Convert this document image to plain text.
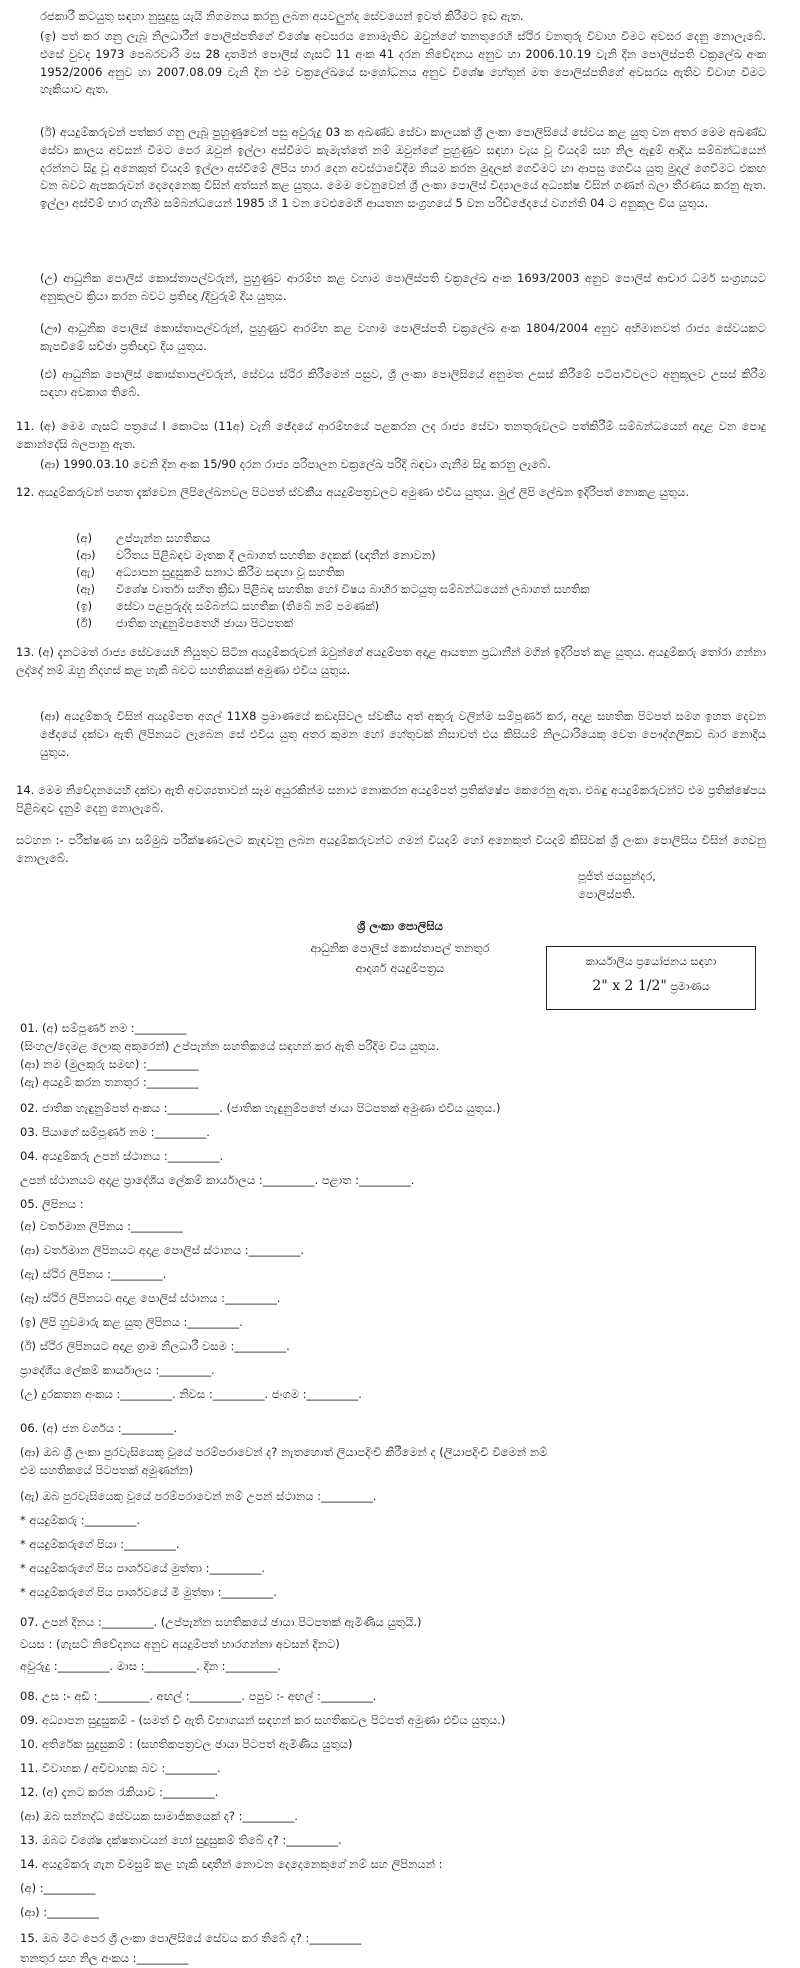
රජකාරී කටයුතු සඳහා නුසුදුසු යැයි නිගමනය කරනු ලබන අයවලුන්ද සේවයෙන් ඉවත් කිරීමට ඉඩ ඇත.
(ඉ) පත් කර ගනු ලැබූ නිලධාරීන් පොලිස්පතිගේ විශේෂ අවසරය නොමැතිව ඔවුන්ගේ තනතුරෙහි ස්ථිර වනතුරු විවාහ වීමට අවසර දෙනු නොලැබේ. එසේ වුවද 1973 පෙබරවාරි මස 28 දාතමින් පොලිස් ගැසට් 11 අංක 41 දරන නිවේදනය අනුව හා 2006.10.19 වැනි දින පොලිස්පති චක්‍රලේඛ අංක 1952/2006 අනුව හා 2007.08.09 වැනි දින එම චක්‍රලේඛයේ සංශෝධනය අනුව විශේෂ හේතූන් මත පොලිස්පතිගේ අවසරය ඇතිව විවාහ වීමට හැකියාව ඇත.
(ඊ) අයදුම්කරුවන් පත්කර ගනු ලැබූ පුහුණුවෙන් පසු අවුරුදු 03 ක අඛණ්ඩ සේවා කාලයක් ශ්‍රී ලංකා පොලිසියේ සේවය කළ යුතු වන අතර මෙම අඛණ්ඩ සේවා කාලය අවසන් වීමට පෙර ඔවුන් ඉල්ලා අස්වීමට කැමැත්තේ නම් ඔවුන්ගේ පුහුණුව සඳහා වැය වූ වියදම් සහ නිල ඇඳුම් ආදිය සම්බන්ධයෙන් දරන්නට සිදු වූ අනෙකුත් වියදම් ඉල්ලා අස්වීමේ ලිපිය භාර දෙන අවස්ථාවේදීම නියම කරන මුදලක් ගෙවීමට හා ආපසු ගෙවිය යුතු මුදල් ගෙවීමට එකඟ වන බවට ඇපකරුවන් දෙදෙනෙකු විසින් අත්සන් කළ යුතුය. මෙම වෙනුවෙන් ශ්‍රී ලංකා පොලිස් විද්‍යාලයේ අධ්‍යක්ෂ විසින් ගණන් බලා තීරණය කරනු ඇත. ඉල්ලා අස්වීම් භාර ගැනීම සම්බන්ධයෙන් 1985 හි 1 වන වෙළුමෙහි ආයතන සංග්‍රහයේ 5 වන පරිච්ඡේදයේ වගන්ති 04 ට අනුකූල විය යුතුය.
(උ) ආධුනික පොලිස් කොස්තාපල්වරුන්, පුහුණුව ආරම්භ කළ වහාම පොලිස්පති චක්‍රලේඛ අංක 1693/2003 අනුව පොලිස් ආචාර ධර්ම සංග්‍රහයට අනුකූලව ක්‍රියා කරන බවට ප්‍රතිඥා /දිවුරුම් දිය යුතුය.
(ඌ) ආධුනික පොලිස් කොස්තාපල්වරුන්, පුහුණුව ආරම්භ කළ වහාම පොලිස්පති චක්‍රලේඛ අංක 1804/2004 අනුව අභිමානවත් රාජ්‍ය සේවයකට කැපවීමේ සච්ඡා ප්‍රතිඥාව දිය යුතුය.
(එ) ආධුනික පොලිස් කොස්තාපල්වරුන්, සේවය ස්ථිර කිරීමෙන් පසුව, ශ්‍රී ලංකා පොලිසියේ අනුමත උසස් කිරීමේ පටිපාටිවලට අනුකූලව උසස් කිරීම සඳහා අවකාශ තිබේ.
11. (අ) මෙම ගැසට් පත්‍රයේ I කොටස (11අ) වැනි ඡේදයේ ආරම්භයේ පළකරන ලද රාජ්‍ය සේවා තනතුරුවලට පත්කිරීම් සම්බන්ධයෙන් අදාළ වන පොදු කොන්දේසි බලපානු ඇත.
(ආ) 1990.03.10 වෙනි දින අංක 15/90 දරන රාජ්‍ය පරිපාලන චක්‍රලේඛ පරිදි බඳවා ගැනීම සිදු කරනු ලැබේ.
12. අයදුම්කරුවන් පහත දැක්වෙන ලිපිලේඛනවල පිටපත් ස්වකීය අයදුම්පත්‍රවලට අමුණා එවිය යුතුය. මුල් ලිපි ලේඛන ඉදිරිපත් නොකළ යුතුය.
(අ) උප්පැන්න සහතිකය
(ආ) චරිතය පිළිබඳව මෑතක දී ලබාගත් සහතික දෙකක් (ඥාතීන් නොවන)
(ඇ) අධ්‍යාපන සුදුසුකම් සනාථ කිරීම සඳහා වූ සහතික
(ඈ) විශේෂ වාර්තා සහිත ක්‍රීඩා පිළිබඳ සහතික හෝ විෂය බාහිර කටයුතු සම්බන්ධයෙන් ලබාගත් සහතික
(ඉ) සේවා පළපුරුද්ද සම්බන්ධ සහතික (තිබේ නම් පමණක්)
(ඊ) ජාතික හැඳුනුම්පතෙහි ඡායා පිටපතක්
13. (අ) දැනටමත් රාජ්‍ය සේවයෙහි නියුතුව සිටින අයදුම්කරුවන් ඔවුන්ගේ අයදුම්පත අදාළ ආයතන ප්‍රධානීන් මගින් ඉදිරිපත් කළ යුතුය. අයදුම්කරු තෝරා ගන්නා ලද්දේ නම් ඔහු නිදහස් කළ හැකි බවට සහතිකයක් අමුණා එවිය යුතුය.
(ආ) අයදුම්කරු විසින් අයදුම්පත අගල් 11X8 ප්‍රමාණයේ කඩදාසිවල ස්වකීය අත් අකුරු වලින්ම සම්පූර්ණ කර, අදාළ සහතික පිටපත් සමග ඉහත දෙවන ඡේදයේ දක්වා ඇති ලිපිනයට ලැබෙන සේ එවිය යුතු අතර කුමන හෝ හේතුවක් නිසාවත් එය කිසියම් නිලධාරියෙකු වෙත පෞද්ගලිකව බාර නොදිය යුතුය.
14. මෙම නිවේදනයෙහි දක්වා ඇති අවශ්‍යතාවන් සෑම අයුරකින්ම සනාථ නොකරන අයදුම්පත් ප්‍රතික්ෂේප කෙරෙනු ඇත. එබඳු අයදුම්කරුවන්ට එම ප්‍රතික්ෂේපය පිළිබඳව දැනුම් දෙනු නොලැබේ.
සටහන :- පරීක්ෂණ හා සම්මුඛ පරීක්ෂණවලට කැඳවනු ලබන අයදුම්කරුවන්ට ගමන් වියදම් හෝ අනෙකුත් වියදම් කිසිවක් ශ්‍රී ලංකා පොලිසිය විසින් ගෙවනු නොලැබේ.
පූජිත් ජයසුන්දර,
පොලිස්පති.
ශ්‍රී ලංකා පොලිසිය
ආධුනික පොලිස් කොස්තාපල් තනතුර
ආදර්ශ අයදුම්පත්‍රය	කාර්යාලීය ප්‍රයෝජනය සඳහා
2" x 2 1/2" ප්‍රමාණය
01. (අ) සම්පූර්ණ නම :_________
(සිංහල/දෙමළ ලොකු අකුරෙන්) උප්පැන්න සහතිකයේ සඳහන් කර ඇති පරිදිම විය යුතුය.
(ආ) නම (මුලකුරු සමඟ) :_________
(ඇ) අයදුම් කරන තනතුර :_________
02. ජාතික හැඳුනුම්පත් අංකය :_________. (ජාතික හැඳුනුම්පතේ ඡායා පිටපතක් අමුණා එවිය යුතුය.)
03. පියාගේ සම්පූර්ණ නම :_________.
04. අයදුම්කරු උපන් ස්ථානය :_________.
උපන් ස්ථානයට අදාළ ප්‍රාදේශීය ලේකම් කාර්යාලය :_________. පළාත :_________.
05. ලිපිනය :
(අ) වර්තමාන ලිපිනය :_________
(ආ) වර්තමාන ලිපිනයට අදාළ පොලිස් ස්ථානය :_________.
(ඇ) ස්ථිර ලිපිනය :_________.
(ඈ) ස්ථිර ලිපිනයට අදාළ පොලිස් ස්ථානය :_________.
(ඉ) ලිපි හුවමාරු කළ යුතු ලිපිනය :_________.
(ඊ) ස්ථිර ලිපිනයට අදාළ ග්‍රාම නිලධාරී වසම :_________.
ප්‍රාදේශීය ලේකම් කාර්යාලය :_________.
(උ) දුරකතන අංකය :_________. නිවස :_________. ජංගම :_________.
06. (අ) ජන වර්ගය :_________.
(ආ) ඔබ ශ්‍රී ලංකා පුරවැසියෙකු වූයේ පරම්පරාවෙන් ද? නැතහොත් ලියාපදිංචි කිරීමෙන් ද (ලියාපදිංචි වීමෙන් නම්
එම සහතිකයේ පිටපතක් අමුණන්න)
(ඇ) ඔබ පුරවැසියෙකු වූයේ පරම්පරාවෙන් නම් උපන් ස්ථානය :_________.
* අයදුම්කරු :_________.
* අයදුම්කරුගේ පියා :_________.
* අයදුම්කරුගේ පිය පාර්ශවයේ මුත්තා :_________.
* අයදුම්කරුගේ පිය පාර්ශවයේ මී මුත්තා :_________.
07. උපන් දිනය :_________. (උප්පැන්න සහතිකයේ ඡායා පිටපතක් ඇමිණිය යුතුයි.)
වයස : (ගැසට් නිවේදනය අනුව අයදුම්පත් භාරගන්නා අවසන් දිනට)
අවුරුදු :_________. මාස :_________. දින :_________.
08. උස :- අඩි :_________. අඟල් :_________. පපුව :- අඟල් :_________.
09. අධ්‍යාපන සුදුසුකම් - (සමත් වී ඇති විභාගයන් සඳහන් කර සහතිකවල පිටපත් අමුණා එවිය යුතුය.)
10. අතිරේක සුදුසුකම් : (සහතිකපත්‍රවල ඡායා පිටපත් ඇමිණිය යුතුය)
11. විවාහක / අවිවාහක බව :_________.
12. (අ) දැනට කරන රැකියාව :_________.
(ආ) ඔබ සන්නද්ධ සේවයක සාමාජිකයෙක් ද? :_________.
13. ඔබට විශේෂ දක්ෂතාවයන් හෝ සුදුසුකම් තිබේ ද? :_________.
14. අයදුම්කරු ගැන විමසුම් කළ හැකි ඥාතීන් නොවන දෙදෙනෙකුගේ නම් සහ ලිපිනයන් :
(අ) :_________
(ආ) :_________
15. ඔබ මීට පෙර ශ්‍රී ලංකා පොලිසියේ සේවය කර තිබේ ද? :_________
තනතුර සහ නිල අංකය :_________
